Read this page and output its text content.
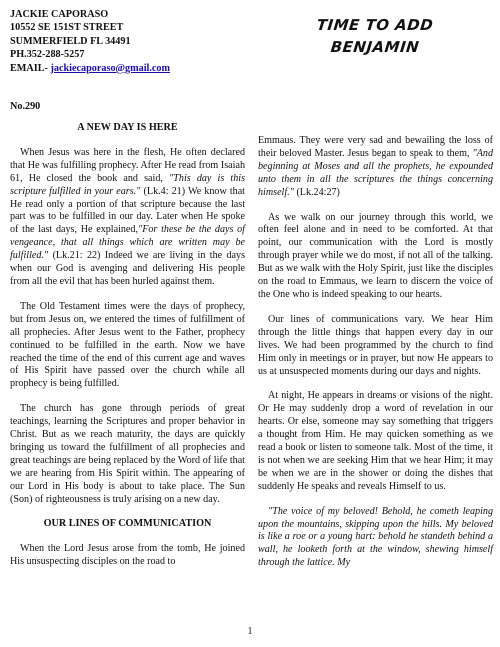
JACKIE CAPORASO
10552 SE 151ST STREET
SUMMERFIELD FL 34491
PH.352-288-5257
EMAIL- jackiecaporaso@gmail.com
TIME TO ADD
BENJAMIN
No.290
A NEW DAY IS HERE

When Jesus was here in the flesh, He often declared that He was fulfilling prophecy. After He read from Isaiah 61, He closed the book and said, "This day is this scripture fulfilled in your ears." (Lk.4: 21) We know that He read only a portion of that scripture because the last part was to be fulfilled in our day. Later when He spoke of the last days, He explained,"For these be the days of vengeance, that all things which are written may be fulfilled." (Lk.21: 22) Indeed we are living in the days when our God is avenging and delivering His people from all the evil that has been hurled against them.

The Old Testament times were the days of prophecy, but from Jesus on, we entered the times of fulfillment of all prophecies. After Jesus went to the Father, prophecy continued to be fulfilled in the earth. Now we have reached the time of the end of this current age and waves of His Spirit have passed over the church while all prophecy is being fulfilled.

The church has gone through periods of great teachings, learning the Scriptures and proper behavior in Christ. But as we reach maturity, the days are quickly bringing us toward the fulfillment of all prophecies and great teachings are being replaced by the Word of life that we are hearing from His Spirit within. The appearing of our Lord in His body is about to take place. The Sun (Son) of righteousness is truly arising on a new day.

OUR LINES OF COMMUNICATION

When the Lord Jesus arose from the tomb, He joined His unsuspecting disciples on the road to

Emmaus. They were very sad and bewailing the loss of their beloved Master. Jesus began to speak to them, "And beginning at Moses and all the prophets, he expounded unto them in all the scriptures the things concerning himself." (Lk.24:27)

As we walk on our journey through this world, we often feel alone and in need to be comforted. At that point, our communication with the Lord is mostly through prayer while we do most, if not all of the talking. But as we walk with the Holy Spirit, just like the disciples on the road to Emmaus, we learn to discern the voice of the One who is indeed speaking to our hearts.

Our lines of communications vary. We hear Him through the little things that happen every day in our lives. We had been programmed by the church to find Him only in meetings or in prayer, but now He appears to us at unsuspected moments during our days and nights.

At night, He appears in dreams or visions of the night. Or He may suddenly drop a word of revelation in our hearts. Or else, someone may say something that triggers a thought from Him. He may quicken something as we read a book or listen to someone talk. Most of the time, it is not when we are seeking Him that we hear Him; it may be when we are in the shower or doing the dishes that suddenly He speaks and reveals Himself to us.

"The voice of my beloved! Behold, he cometh leaping upon the mountains, skipping upon the hills. My beloved is like a roe or a young hart: behold he standeth behind a wall, he looketh forth at the window, shewing himself through the lattice. My

1
